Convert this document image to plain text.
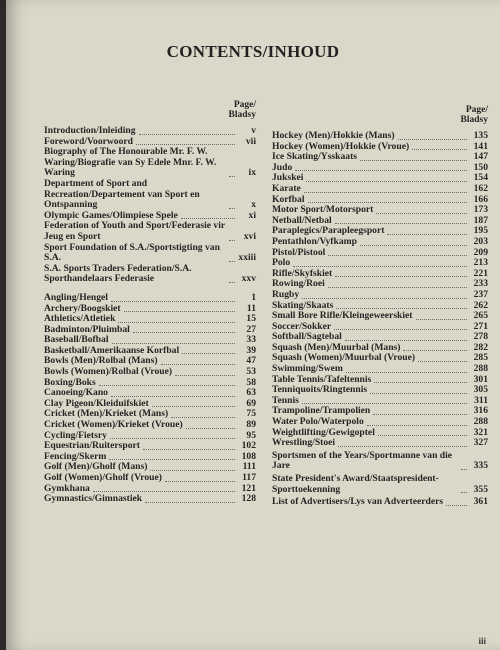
CONTENTS/INHOUD
Page/
Bladsy
Introduction/Inleiding	v
Foreword/Voorwoord	vii
Biography of The Honourable Mr. F. W. Waring/Biografie van Sy Edele Mnr. F. W. Waring	ix
Department of Sport and Recreation/Departement van Sport en Ontspanning	x
Olympic Games/Olimpiese Spele	xi
Federation of Youth and Sport/Federasie vir Jeug en Sport	xvi
Sport Foundation of S.A./Sportstigting van S.A.	xxiii
S.A. Sports Traders Federation/S.A. Sporthandelaars Federasie	xxv
Angling/Hengel	1
Archery/Boogskiet	11
Athletics/Atletiek	15
Badminton/Pluimbal	27
Baseball/Bofbal	33
Basketball/Amerikaanse Korfbal	39
Bowls (Men)/Rolbal (Mans)	47
Bowls (Women)/Rolbal (Vroue)	53
Boxing/Boks	58
Canoeing/Kano	63
Clay Pigeon/Kleiduifskiet	69
Cricket (Men)/Krieket (Mans)	75
Cricket (Women)/Krieket (Vroue)	89
Cycling/Fietsry	95
Equestrian/Ruitersport	102
Fencing/Skerm	108
Golf (Men)/Gholf (Mans)	111
Golf (Women)/Gholf (Vroue)	117
Gymkhana	121
Gymnastics/Gimnastiek	128
Page/
Bladsy
Hockey (Men)/Hokkie (Mans)	135
Hockey (Women)/Hokkie (Vroue)	141
Ice Skating/Ysskaats	147
Judo	150
Jukskei	154
Karate	162
Korfbal	166
Motor Sport/Motorsport	173
Netball/Netbal	187
Paraplegics/Parapleegsport	195
Pentathlon/Vyfkamp	203
Pistol/Pistool	209
Polo	213
Rifle/Skyfskiet	221
Rowing/Roei	233
Rugby	237
Skating/Skaats	262
Small Bore Rifle/Kleingeweerskiet	265
Soccer/Sokker	271
Softball/Sagtebal	278
Squash (Men)/Muurbal (Mans)	282
Squash (Women)/Muurbal (Vroue)	285
Swimming/Swem	288
Table Tennis/Tafeltennis	301
Tenniquoits/Ringtennis	305
Tennis	311
Trampoline/Trampolien	316
Water Polo/Waterpolo	288
Weightlifting/Gewigoptel	321
Wrestling/Stoei	327
Sportsmen of the Years/Sportmanne van die Jare	335
State President's Award/Staatspresident-Sporttoekenning	355
List of Advertisers/Lys van Adverteerders	361
iii
